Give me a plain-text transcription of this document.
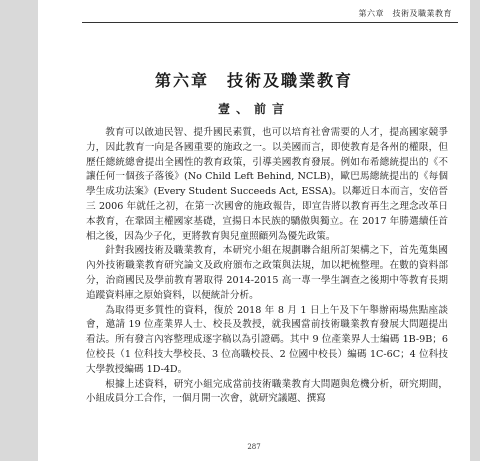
第六章　技術及職業教育
第六章　技術及職業教育
壹、前言

教育可以啟迪民智、提升國民素質，也可以培育社會需要的人才，提高國家競爭力，因此教育一向是各國重要的施政之一。以美國而言，即使教育是各州的權限，但歷任總統總會提出全國性的教育政策，引導美國教育發展。例如布希總統提出的《不讓任何一個孩子落後》(No Child Left Behind, NCLB)，歐巴馬總統提出的《每個學生成功法案》(Every Student Succeeds Act, ESSA)。以鄰近日本而言，安倍晉三 2006 年就任之初，在第一次國會的施政報告，即宣告將以教育再生之理念改革日本教育，在鞏固主權國家基礎，宣揚日本民族的驕傲與獨立。在 2017 年勝選續任首相之後，因為少子化，更將教育與兒童照顧列為優先政策。

針對我國技術及職業教育，本研究小組在規劃聯合組所訂架構之下，首先蒐集國內外技術職業教育研究論文及政府頒布之政策與法規，加以耙梳整理。在數的資料部分，治商國民及學前教育署取得 2014-2015 高一專一學生調查之後期中等教育長期追蹤資料庫之原始資料，以便統計分析。

為取得更多質性的資料，復於 2018 年 8 月 1 日上午及下午舉辦兩場焦點座談會，邀請 19 位產業界人士、校長及教授，就我國當前技術職業教育發展大問題提出看法。所有發言內容整理成逐字稿以為引證碼。其中 9 位產業界人士編碼 1B-9B；6 位校長（1 位科技大學校長、3 位高職校長、2 位國中校長）編碼 1C-6C；4 位科技大學教授編碼 1D-4D。

根據上述資料，研究小組完成當前技術職業教育大問題與危機分析，研究期間，小組成員分工合作，一個月開一次會，就研究議題、撰寫

287
